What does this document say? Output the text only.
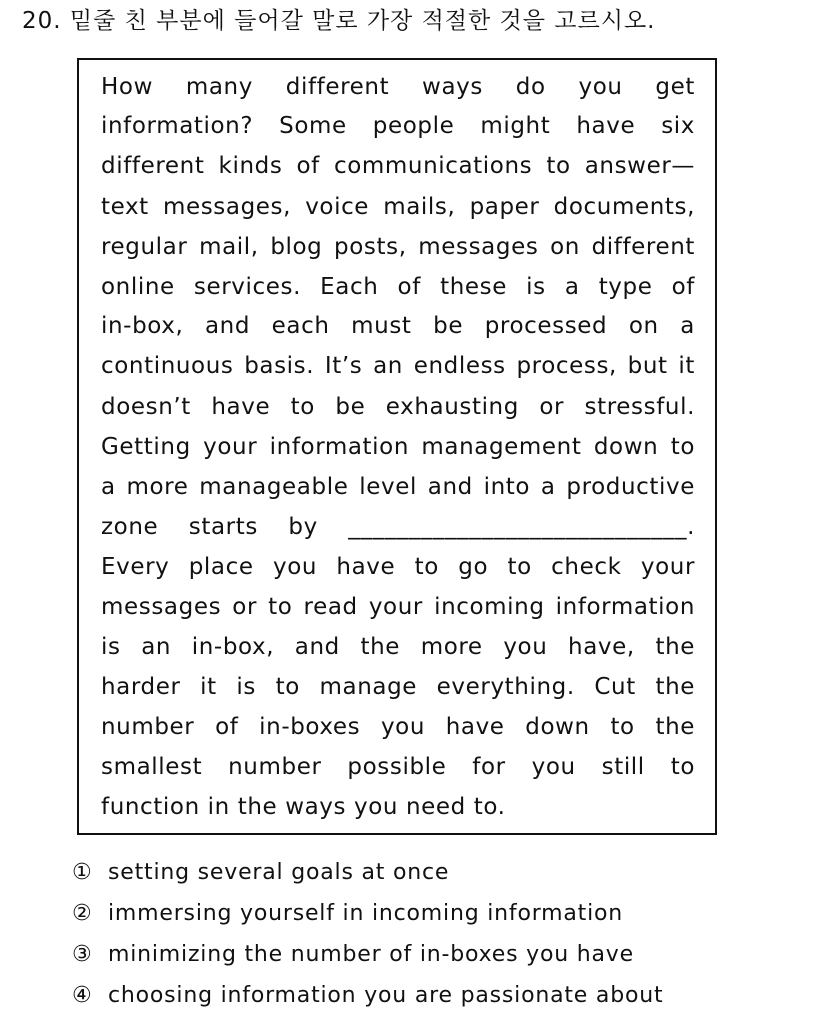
20. 밑줄 친 부분에 들어갈 말로 가장 적절한 것을 고르시오.
How many different ways do you get
information? Some people might have six
different kinds of communications to answer—
text messages, voice mails, paper documents,
regular mail, blog posts, messages on different
online services. Each of these is a type of
in-box, and each must be processed on a
continuous basis. It’s an endless process, but it
doesn’t have to be exhausting or stressful.
Getting your information management down to
a more manageable level and into a productive
zone starts by ____________________________.
Every place you have to go to check your
messages or to read your incoming information
is an in-box, and the more you have, the
harder it is to manage everything. Cut the
number of in-boxes you have down to the
smallest number possible for you still to
function in the ways you need to.
① setting several goals at once
② immersing yourself in incoming information
③ minimizing the number of in-boxes you have
④ choosing information you are passionate about
